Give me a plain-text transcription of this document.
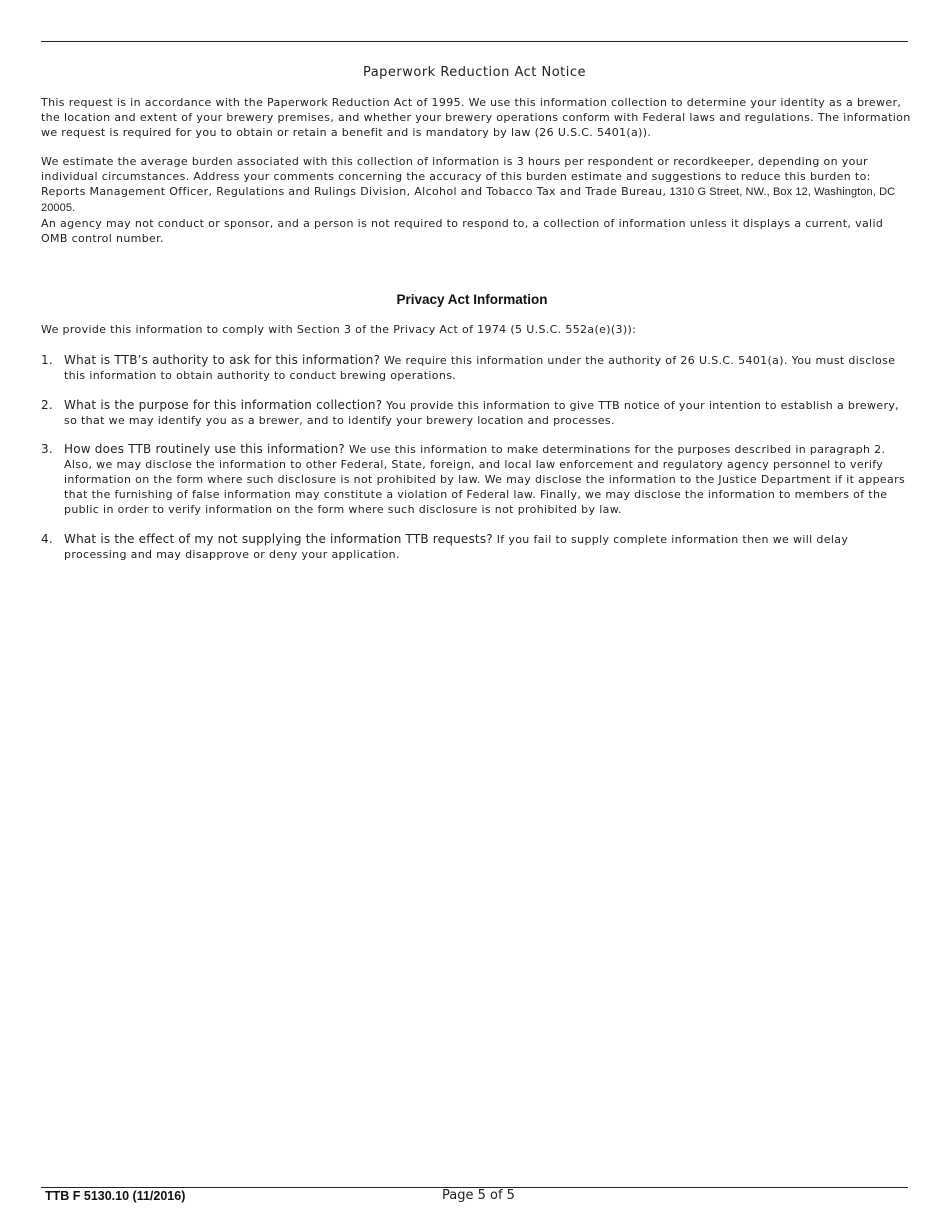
Paperwork Reduction Act Notice

This request is in accordance with the Paperwork Reduction Act of 1995. We use this information collection to determine your identity as a brewer, the location and extent of your brewery premises, and whether your brewery operations conform with Federal laws and regulations. The information we request is required for you to obtain or retain a benefit and is mandatory by law (26 U.S.C. 5401(a)).

We estimate the average burden associated with this collection of information is 3 hours per respondent or recordkeeper, depending on your individual circumstances. Address your comments concerning the accuracy of this burden estimate and suggestions to reduce this burden to: Reports Management Officer, Regulations and Rulings Division, Alcohol and Tobacco Tax and Trade Bureau, 1310 G Street, NW., Box 12, Washington, DC 20005.
An agency may not conduct or sponsor, and a person is not required to respond to, a collection of information unless it displays a current, valid OMB control number.

Privacy Act Information

We provide this information to comply with Section 3 of the Privacy Act of 1974 (5 U.S.C. 552a(e)(3)):

1. What is TTB’s authority to ask for this information? We require this information under the authority of 26 U.S.C. 5401(a). You must disclose this information to obtain authority to conduct brewing operations.
2. What is the purpose for this information collection? You provide this information to give TTB notice of your intention to establish a brewery, so that we may identify you as a brewer, and to identify your brewery location and processes.
3. How does TTB routinely use this information? We use this information to make determinations for the purposes described in paragraph 2. Also, we may disclose the information to other Federal, State, foreign, and local law enforcement and regulatory agency personnel to verify information on the form where such disclosure is not prohibited by law. We may disclose the information to the Justice Department if it appears that the furnishing of false information may constitute a violation of Federal law. Finally, we may disclose the information to members of the public in order to verify information on the form where such disclosure is not prohibited by law.
4. What is the effect of my not supplying the information TTB requests? If you fail to supply complete information then we will delay processing and may disapprove or deny your application.
TTB F 5130.10 (11/2016)	Page 5 of 5
